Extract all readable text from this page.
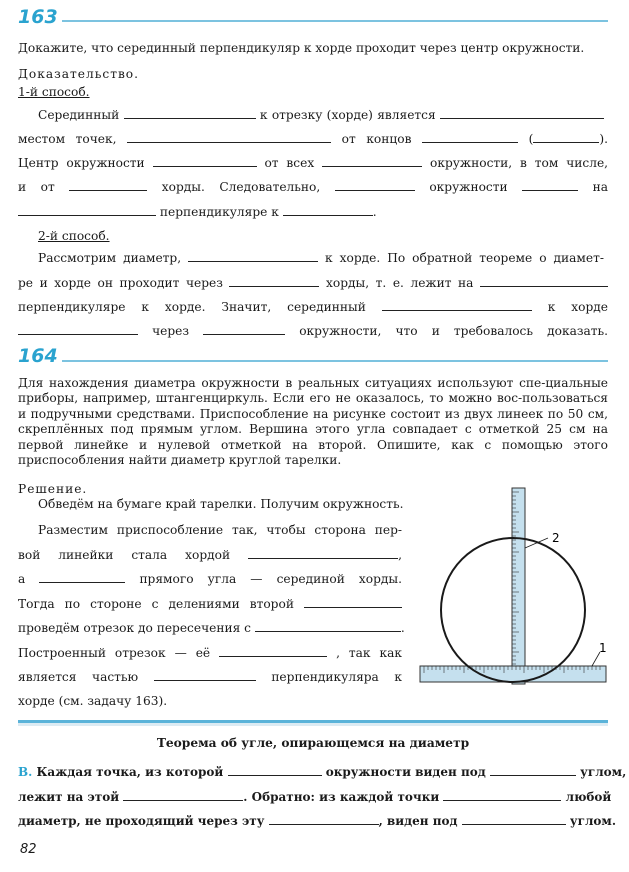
163
Докажите, что серединный перпендикуляр к хорде проходит через центр окружности.
Доказательство.
1-й способ.
Серединный	к отрезку (хорде) является
местом точек,	от концов	(	).
Центр окружности	от всех	окружности, в том числе,
и от	хорды. Следовательно,	окружности	на
перпендикуляре к	.
2-й способ.
Рассмотрим диаметр,	к хорде. По обратной теореме о диамет-
ре и хорде он проходит через	хорды, т. е. лежит на
перпендикуляре к хорде. Значит, серединный	к хорде
через	окружности, что и требовалось доказать.
164
Для нахождения диаметра окружности в реальных ситуациях используют спе-циальные приборы, например, штангенциркуль. Если его не оказалось, то можно вос-пользоваться и подручными средствами. Приспособление на рисунке состоит из двух линеек по 50 см, скреплённых под прямым углом. Вершина этого угла совпадает с отметкой 25 см на первой линейке и нулевой отметкой на второй. Опишите, как с помощью этого приспособления найти диаметр круглой тарелки.
Решение.
Обведём на бумаге край тарелки. Получим окружность.
Разместим приспособление так, чтобы сторона пер-
вой линейки стала хордой	,
а	прямого угла — серединой хорды.
Тогда по стороне с делениями второй
проведём отрезок до пересечения с	.
Построенный отрезок — её	, так как
является частью	перпендикуляра к
хорде (см. задачу 163).
2
1
Теорема об угле, опирающемся на диаметр
В. Каждая точка, из которой	окружности виден под	углом,
лежит на этой	. Обратно: из каждой точки	любой
диаметр, не проходящий через эту	, виден под	углом.
82
